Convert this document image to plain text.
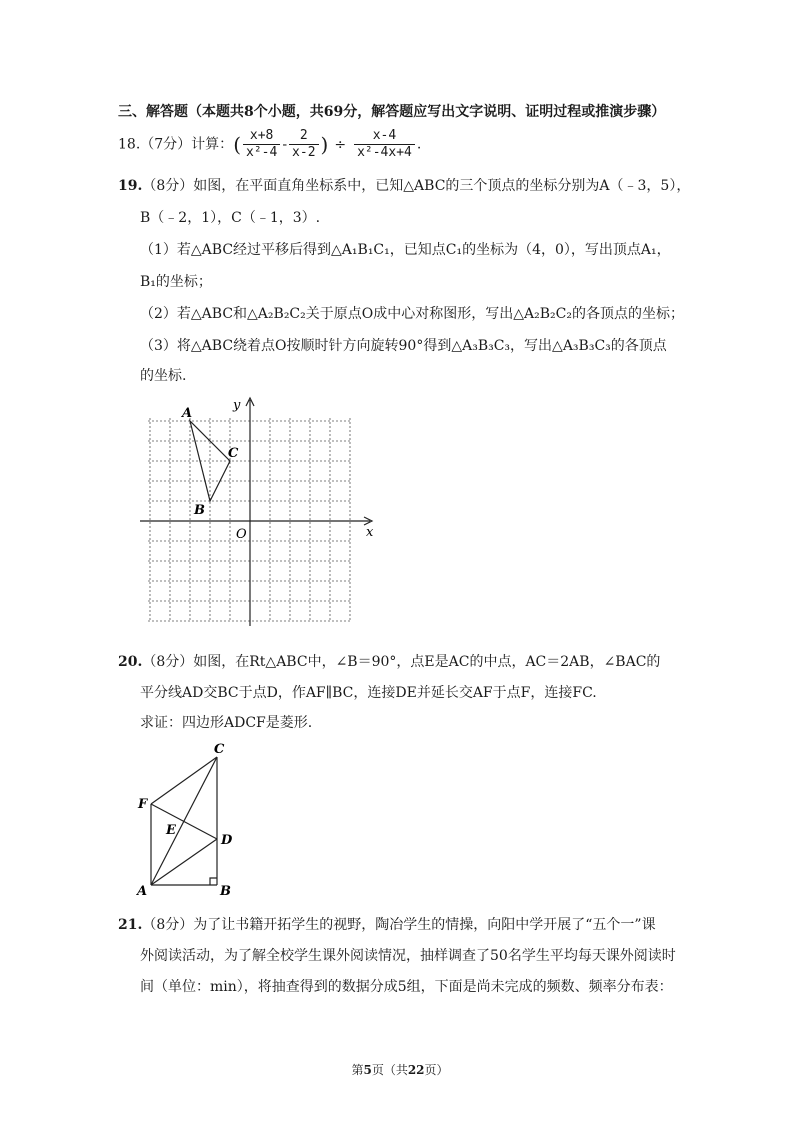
三、解答题（本题共8个小题，共69分，解答题应写出文字说明、证明过程或推演步骤）
18.（7分）计算：( $\frac{x+8}{\text{x²-4}} - \frac{2}{x-2}$ ) ÷ $\frac{x-4}{\text{x²-4x+4}}$ .
19.（8分）如图，在平面直角坐标系中，已知△ABC的三个顶点的坐标分别为A（﹣3，5），
B（﹣2，1），C（﹣1，3）.
（1）若△ABC经过平移后得到△A₁B₁C₁，已知点C₁的坐标为（4，0），写出顶点A₁，
B₁的坐标；
（2）若△ABC和△A₂B₂C₂关于原点O成中心对称图形，写出△A₂B₂C₂的各顶点的坐标；
（3）将△ABC绕着点O按顺时针方向旋转90°得到△A₃B₃C₃，写出△A₃B₃C₃的各顶点
的坐标.
A
B
C
O	x
y
20.（8分）如图，在Rt△ABC中，∠B＝90°，点E是AC的中点，AC＝2AB，∠BAC的
平分线AD交BC于点D，作AF∥BC，连接DE并延长交AF于点F，连接FC.
求证：四边形ADCF是菱形.
C
F
E
D
A	B
21.（8分）为了让书籍开拓学生的视野，陶冶学生的情操，向阳中学开展了“五个一”课
外阅读活动，为了解全校学生课外阅读情况，抽样调查了50名学生平均每天课外阅读时
间（单位：min），将抽查得到的数据分成5组，下面是尚未完成的频数、频率分布表：
第5页（共22页）
